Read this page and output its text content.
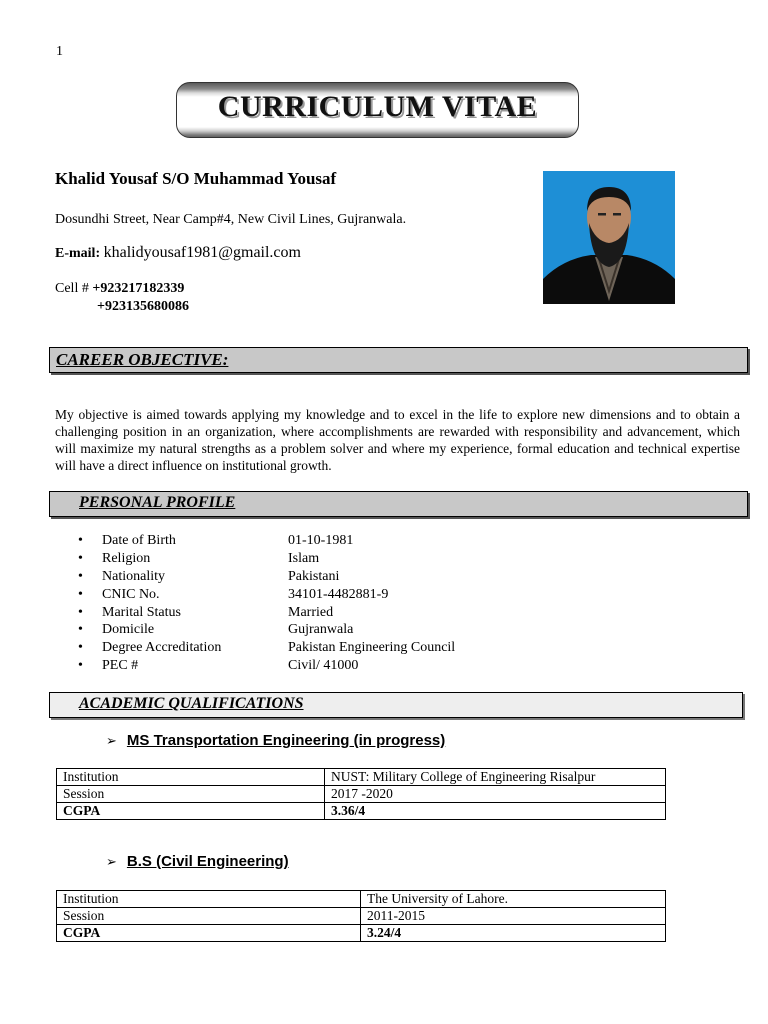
1
CURRICULUM VITAE
Khalid Yousaf S/O Muhammad Yousaf
Dosundhi Street, Near Camp#4, New Civil Lines, Gujranwala.
E-mail: khalidyousaf1981@gmail.com
Cell # +923217182339
+923135680086
CAREER OBJECTIVE:
My objective is aimed towards applying my knowledge and to excel in the life to explore new dimensions and to obtain a challenging position in an organization, where accomplishments are rewarded with responsibility and advancement, which will maximize my natural strengths as a problem solver and where my experience, formal education and technical expertise will have a direct influence on institutional growth.
PERSONAL PROFILE
• Date of Birth	01-10-1981
• Religion	Islam
• Nationality	Pakistani
• CNIC No.	34101-4482881-9
• Marital Status	Married
• Domicile	Gujranwala
• Degree Accreditation	Pakistan Engineering Council
• PEC #	Civil/ 41000
ACADEMIC QUALIFICATIONS
➢ MS Transportation Engineering (in progress)
Institution	NUST: Military College of Engineering Risalpur
Session	2017 -2020
CGPA	3.36/4
➢ B.S (Civil Engineering)
Institution	The University of Lahore.
Session	2011-2015
CGPA	3.24/4
